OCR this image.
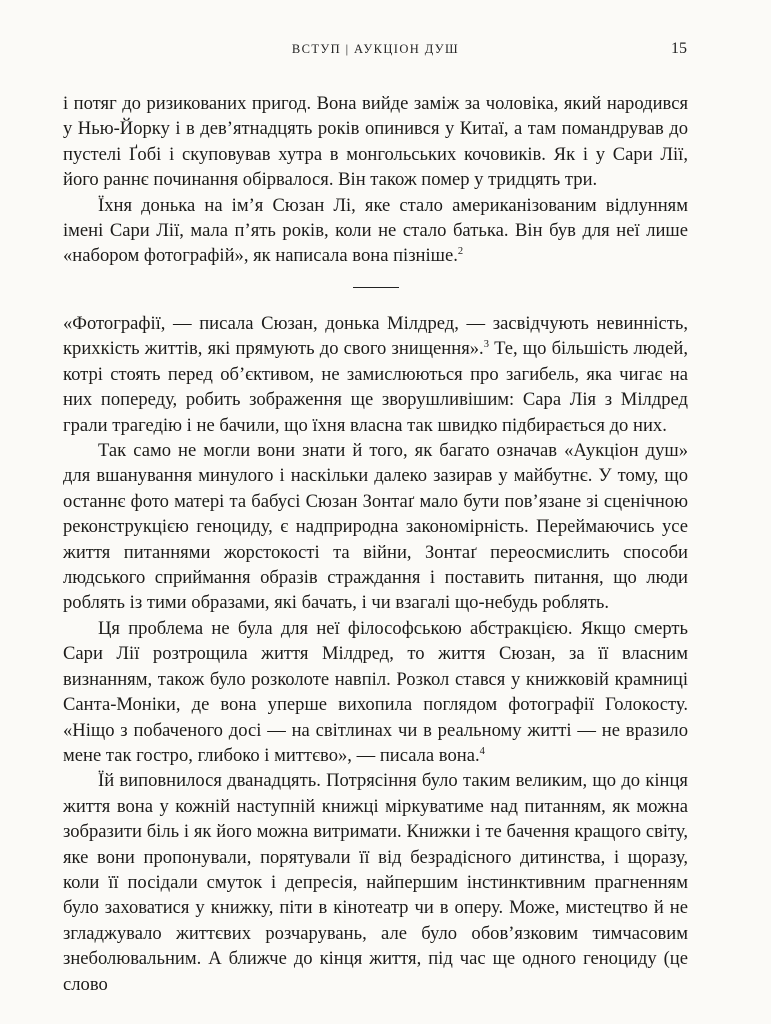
ВСТУП | АУКЦІОН ДУШ	15

і потяг до ризикованих пригод. Вона вийде заміж за чоловіка, який народився у Нью-Йорку і в дев’ятнадцять років опинився у Китаї, а там помандрував до пустелі Ґобі і скуповував хутра в монгольських кочовиків. Як і у Сари Лії, його раннє починання обірвалося. Він також помер у тридцять три.

Їхня донька на ім’я Сюзан Лі, яке стало американізованим відлунням імені Сари Лії, мала п’ять років, коли не стало батька. Він був для неї лише «набором фотографій», як написала вона пізніше.$^2$

«Фотографії, — писала Сюзан, донька Мілдред, — засвідчують невинність, крихкість життів, які прямують до свого знищення».$^3$ Те, що більшість людей, котрі стоять перед об’єктивом, не замислюються про загибель, яка чигає на них попереду, робить зображення ще зворушливішим: Сара Лія з Мілдред грали трагедію і не бачили, що їхня власна так швидко підбирається до них.

Так само не могли вони знати й того, як багато означав «Аукціон душ» для вшанування минулого і наскільки далеко зазирав у майбутнє. У тому, що останнє фото матері та бабусі Сюзан Зонтаґ мало бути пов’язане зі сценічною реконструкцією геноциду, є надприродна закономірність. Переймаючись усе життя питаннями жорстокості та війни, Зонтаґ переосмислить способи людського сприймання образів страждання і поставить питання, що люди роблять із тими образами, які бачать, і чи взагалі що-небудь роблять.

Ця проблема не була для неї філософською абстракцією. Якщо смерть Сари Лії розтрощила життя Мілдред, то життя Сюзан, за її власним визнанням, також було розколоте навпіл. Розкол стався у книжковій крамниці Санта-Моніки, де вона уперше вихопила поглядом фотографії Голокосту. «Ніщо з побаченого досі — на світлинах чи в реальному житті — не вразило мене так гостро, глибоко і миттєво», — писала вона.$^4$

Їй виповнилося дванадцять. Потрясіння було таким великим, що до кінця життя вона у кожній наступній книжці міркуватиме над питанням, як можна зобразити біль і як його можна витримати. Книжки і те бачення кращого світу, яке вони пропонували, порятували її від безрадісного дитинства, і щоразу, коли її посідали смуток і депресія, найпершим інстинктивним прагненням було заховатися у книжку, піти в кінотеатр чи в оперу. Може, мистецтво й не згладжувало життєвих розчарувань, але було обов’язковим тимчасовим знеболювальним. А ближче до кінця життя, під час ще одного геноциду (це слово
